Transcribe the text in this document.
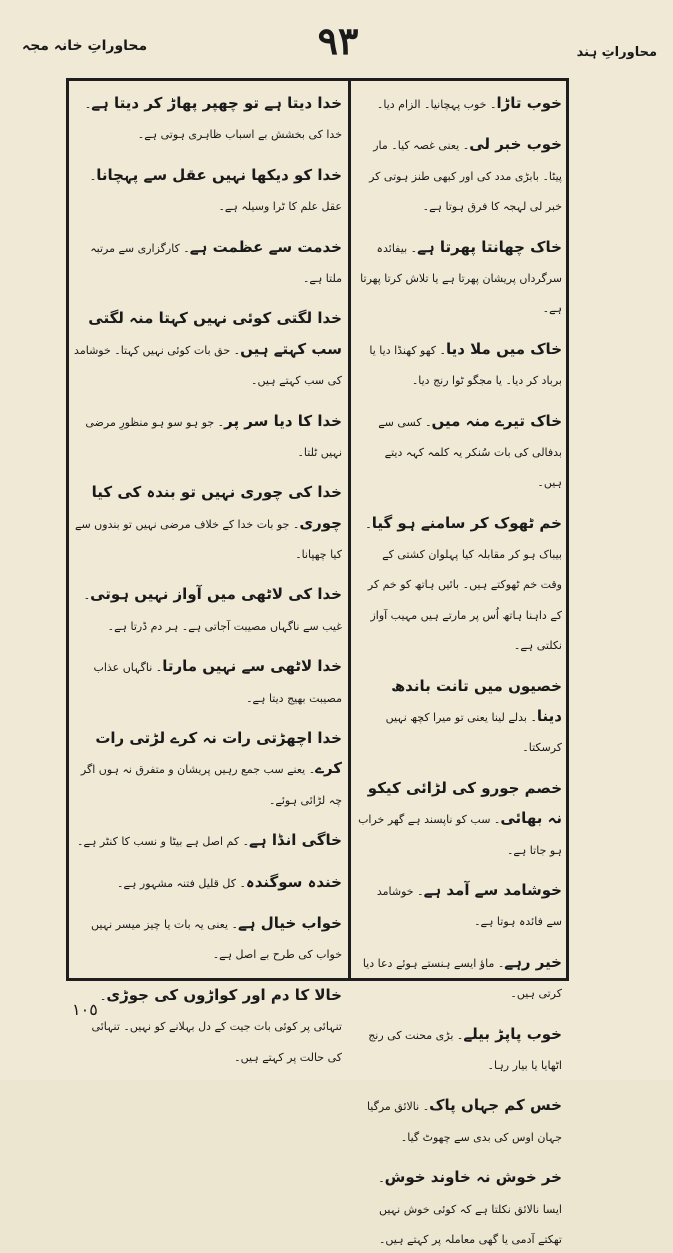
محاوراتِ خانہ مجہ	۹۳	محاوراتِ ہند
خوب تاڑا۔ خوب پہچانیا۔ الزام دیا۔
خوب خبر لی۔ یعنی غصہ کیا۔ مار پیٹا۔ بابڑی مدد کی اور کبھی طنز ہوتی کر خبر لی لہجہ کا فرق ہوتا ہے۔
خاک چھانتا پھرتا ہے۔ بیفائدہ سرگرداں پریشان پھرتا ہے یا تلاش کرتا پھرتا ہے۔
خاک میں ملا دیا۔ کھو کھنڈا دیا یا برباد کر دیا۔ یا مجگو ٹوا رنج دیا۔
خاک تیرے منہ میں۔ کسی سے بدفالی کی بات سُنکر یہ کلمہ کہہ دیتے ہیں۔
خم ٹھوک کر سامنے ہو گیا۔ بیباک ہو کر مقابلہ کیا پہلوان کشتی کے وقت خم ٹھوکتے ہیں۔ بائیں ہاتھ کو خم کر کے داہنا ہاتھ اُس پر مارتے ہیں مہیب آواز نکلتی ہے۔
خصیوں میں تانت باندھ دینا۔ بدلے لینا یعنی تو میرا کچھ نہیں کرسکتا۔
خصم جورو کی لڑائی کیکو نہ بھائی۔ سب کو ناپسند ہے گھر خراب ہو جاتا ہے۔
خوشامد سے آمد ہے۔ خوشامد سے فائدہ ہوتا ہے۔
خیر رہے۔ ماؤ ایسے ہنستے ہوئے دعا دیا کرتی ہیں۔
خوب پاپڑ بیلے۔ بڑی محنت کی رنج اٹھایا یا بیار رہا۔
خس کم جہاں پاک۔ نالائق مرگیا جہان اوس کی بدی سے چھوٹ گیا۔
خر خوش نہ خاوند خوش۔ ایسا نالائق نکلتا ہے کہ کوئی خوش نہیں تھکتے آدمی یا گھی معاملہ پر کہتے ہیں۔
خدا دیتا ہے تو چھپر پھاڑ کر دیتا ہے۔ خدا کی بخشش بے اسباب ظاہری ہوتی ہے۔
خدا کو دیکھا نہیں عقل سے پہچانا۔ عقل علم کا ٹرا وسیلہ ہے۔
خدمت سے عظمت ہے۔ کارگزاری سے مرتبہ ملتا ہے۔
خدا لگتی کوئی نہیں کہتا منہ لگتی سب کہتے ہیں۔ حق بات کوئی نہیں کہتا۔ خوشامد کی سب کہتے ہیں۔
خدا کا دیا سر پر۔ جو ہو سو ہو منظورِ مرضی نہیں ٹلتا۔
خدا کی چوری نہیں تو بندہ کی کیا چوری۔ جو بات خدا کے خلاف مرضی نہیں تو بندوں سے کیا چھپانا۔
خدا کی لاٹھی میں آواز نہیں ہوتی۔ غیب سے ناگہاں مصیبت آجاتی ہے۔ ہر دم ڈرتا ہے۔
خدا لاٹھی سے نہیں مارتا۔ ناگہاں عذاب مصیبت بھیج دیتا ہے۔
خدا اچھڑتی رات نہ کرے لڑتی رات کرے۔ یعنے سب جمع رہیں پریشان و متفرق نہ ہوں اگر چہ لڑائی ہوئے۔
خاگی انڈا ہے۔ کم اصل ہے بیٹا و نسب کا کنٹر ہے۔
خندہ سوگندہ۔ کل قلیل فتنہ مشہور ہے۔
خواب خیال ہے۔ یعنی یہ بات یا چیز میسر نہیں خواب کی طرح بے اصل ہے۔
خالا کا دم اور کواڑوں کی جوڑی۔ تنہائی پر کوئی بات جیت کے دل بہلانے کو نہیں۔ تنہائی کی حالت پر کہتے ہیں۔
١٠٥
